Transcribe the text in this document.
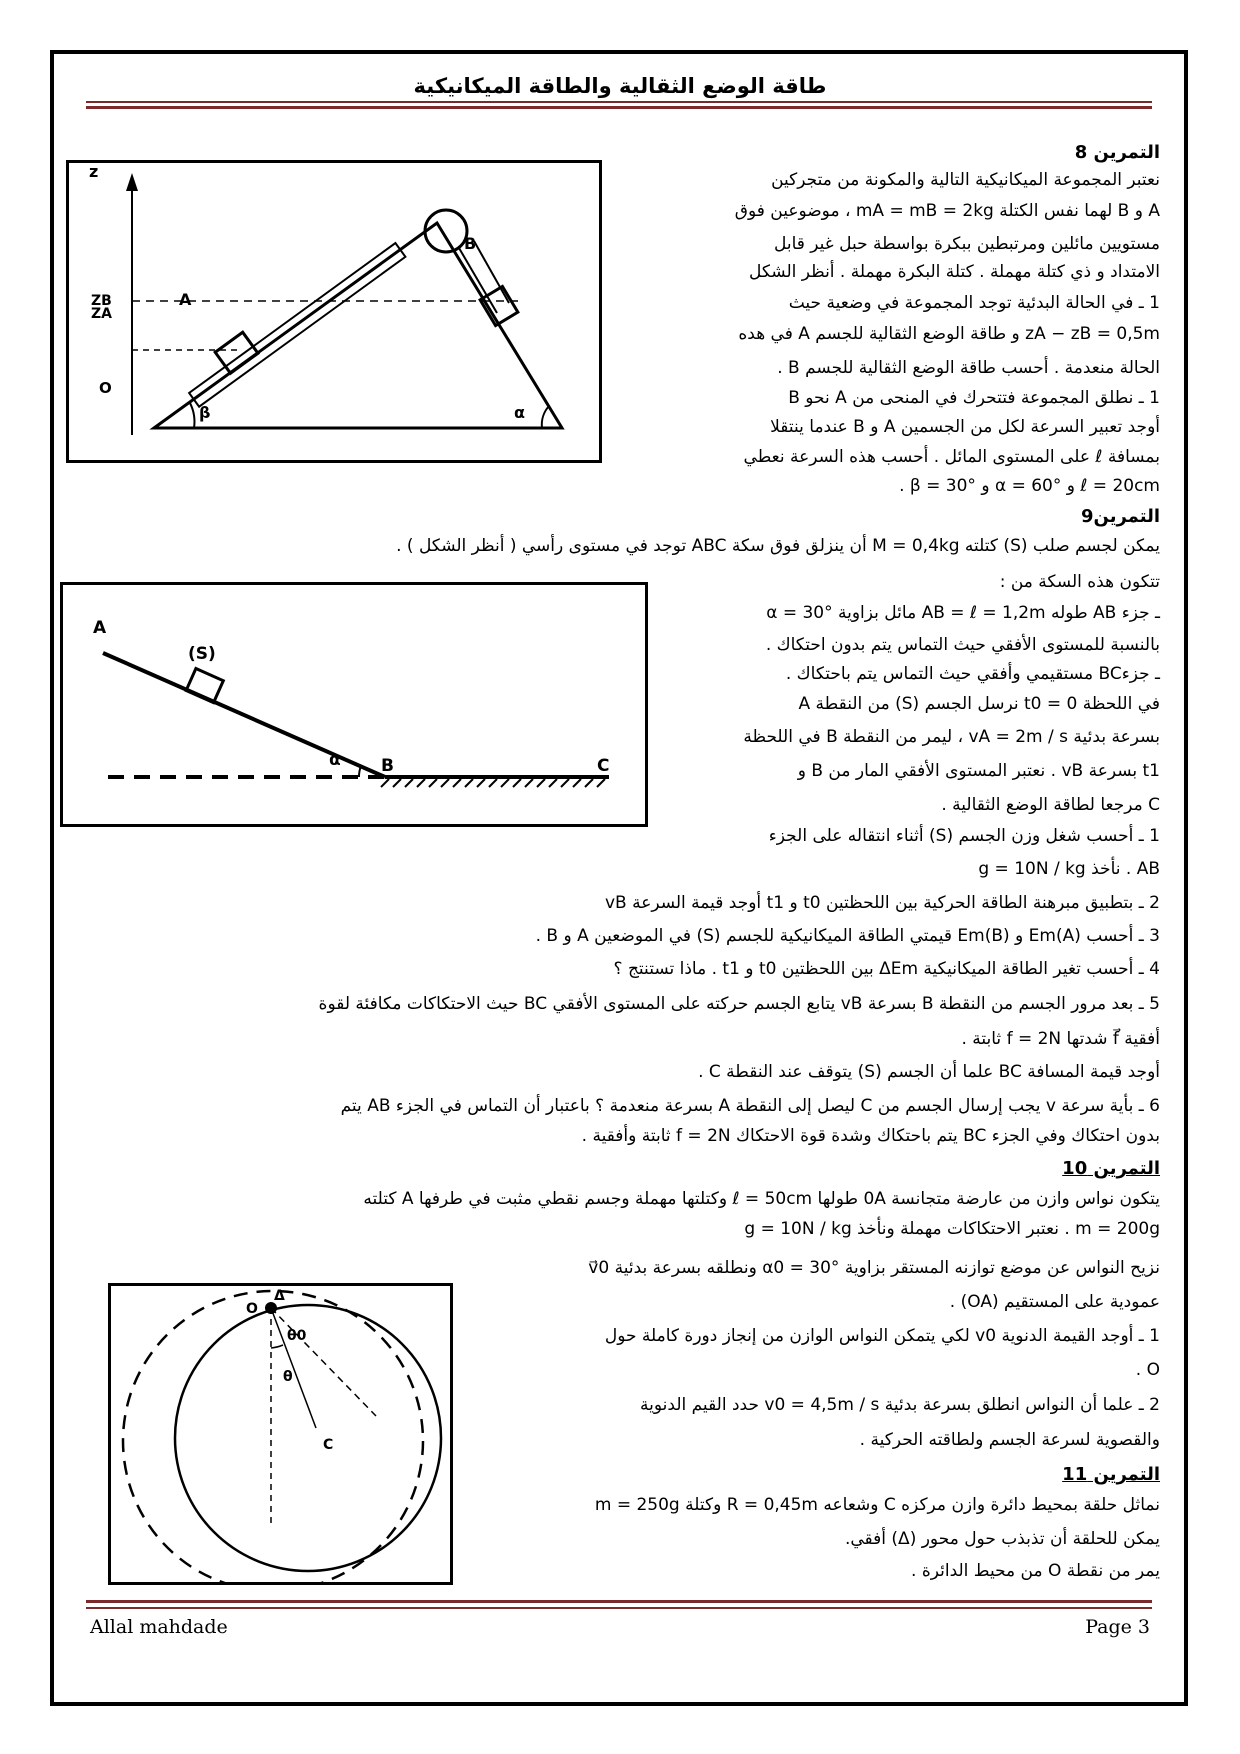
طاقة الوضع الثقالية والطاقة الميكانيكية
التمرين 8
نعتبر المجموعة الميكانيكية التالية والمكونة من متجركين
A و B لهما نفس الكتلة mA = mB = 2kg ، موضوعين فوق
مستويين مائلين ومرتبطين ببكرة بواسطة حبل غير قابل
الامتداد و ذي كتلة مهملة . كتلة البكرة مهملة . أنظر الشكل
1 ـ في الحالة البدئية توجد المجموعة في وضعية حيث
zA − zB = 0,5m و طاقة الوضع الثقالية للجسم A في هده
الحالة منعدمة . أحسب طاقة الوضع الثقالية للجسم B .
1 ـ نطلق المجموعة فتتحرك في المنحى من A نحو B
أوجد تعبير السرعة لكل من الجسمين A و B عندما ينتقلا
بمسافة ℓ على المستوى المائل . أحسب هذه السرعة نعطي
ℓ = 20cm و α = 60° و β = 30° .
z
O
ZB
ZA
A
B
β	α
التمرين9
يمكن لجسم صلب (S) كتلته M = 0,4kg أن ينزلق فوق سكة ABC توجد في مستوى رأسي ( أنظر الشكل ) .
تتكون هذه السكة من :
ـ جزء AB طوله AB = ℓ = 1,2m مائل بزاوية α = 30°
بالنسبة للمستوى الأفقي حيث التماس يتم بدون احتكاك .
ـ جزءBC مستقيمي وأفقي حيث التماس يتم باحتكاك .
في اللحظة t0 = 0 نرسل الجسم (S) من النقطة A
بسرعة بدئية vA = 2m / s ، ليمر من النقطة B في اللحظة
t1 بسرعة vB . نعتبر المستوى الأفقي المار من B و
C مرجعا لطاقة الوضع الثقالية .
1 ـ أحسب شغل وزن الجسم (S) أثناء انتقاله على الجزء
AB . نأخذ g = 10N / kg
2 ـ بتطبيق مبرهنة الطاقة الحركية بين اللحظتين t0 و t1 أوجد قيمة السرعة vB
3 ـ أحسب Em(A) و Em(B) قيمتي الطاقة الميكانيكية للجسم (S) في الموضعين A و B .
4 ـ أحسب تغير الطاقة الميكانيكية ΔEm بين اللحظتين t0 و t1 . ماذا تستنتج ؟
5 ـ بعد مرور الجسم من النقطة B بسرعة vB يتابع الجسم حركته على المستوى الأفقي BC حيث الاحتكاكات مكافئة لقوة
أفقية f⃗ شدتها f = 2N ثابتة .
أوجد قيمة المسافة BC علما أن الجسم (S) يتوقف عند النقطة C .
6 ـ بأية سرعة v يجب إرسال الجسم من C ليصل إلى النقطة A بسرعة منعدمة ؟ باعتبار أن التماس في الجزء AB يتم
بدون احتكاك وفي الجزء BC يتم باحتكاك وشدة قوة الاحتكاك f = 2N ثابتة وأفقية .
A
B	C
(S)
α
التمرين 10
يتكون نواس وازن من عارضة متجانسة 0A طولها ℓ = 50cm وكتلتها مهملة وجسم نقطي مثبت في طرفها A كتلته
m = 200g . نعتبر الاحتكاكات مهملة ونأخذ g = 10N / kg
نزيح النواس عن موضع توازنه المستقر بزاوية α0 = 30° ونطلقه بسرعة بدئية v⃗0
عمودية على المستقيم (OA) .
1 ـ أوجد القيمة الدنوية v0 لكي يتمكن النواس الوازن من إنجاز دورة كاملة حول
O .
2 ـ علما أن النواس انطلق بسرعة بدئية v0 = 4,5m / s حدد القيم الدنوية
والقصوية لسرعة الجسم ولطاقته الحركية .
O
Δ
θ0
θ
C
التمرين 11
نماثل حلقة بمحيط دائرة وازن مركزه C وشعاعه R = 0,45m وكتلة m = 250g
يمكن للحلقة أن تذبذب حول محور (Δ) أفقي.
يمر من نقطة O من محيط الدائرة .
Allal mahdade	Page 3
